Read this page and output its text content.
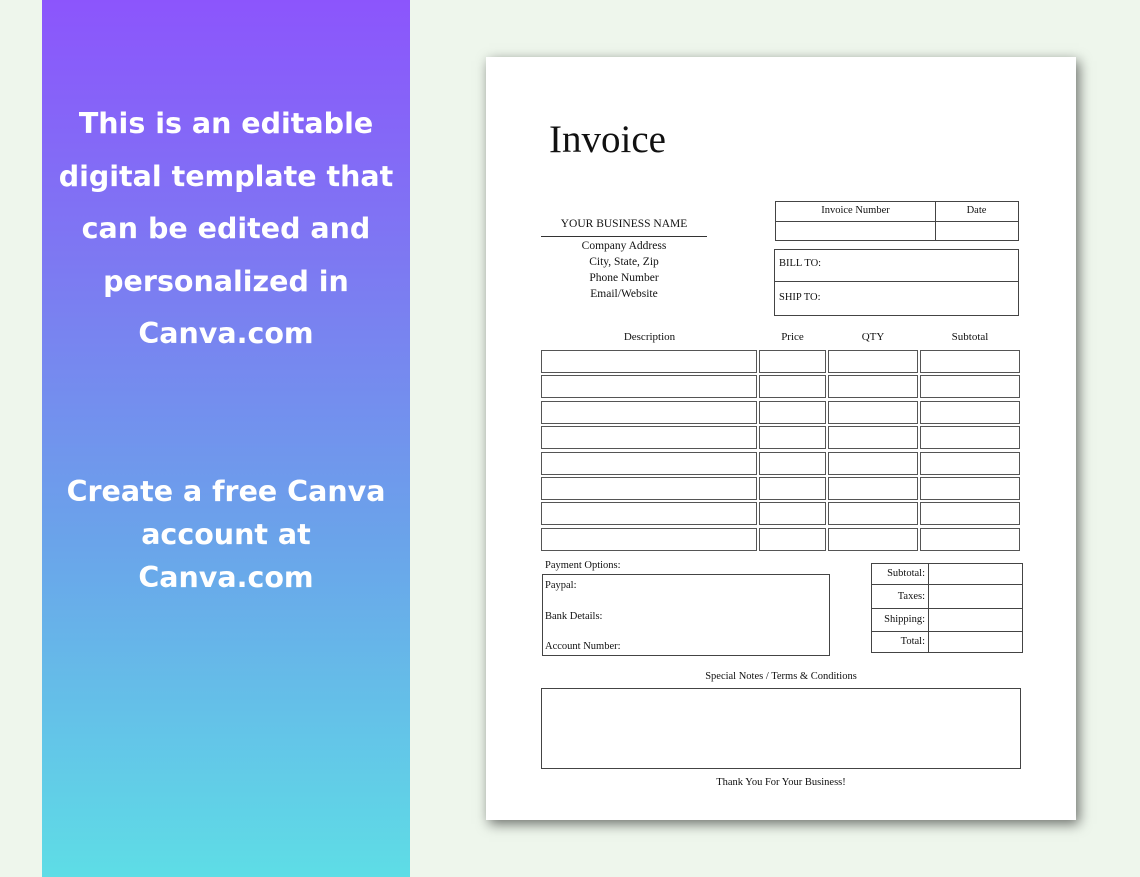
This is an editable
digital template that
can be edited and
personalized in
Canva.com
Create a free Canva
account at
Canva.com
Invoice
YOUR BUSINESS NAME
Company Address
City, State, Zip
Phone Number
Email/Website
Invoice Number	Date
BILL TO:
SHIP TO:
Description	Price	QTY	Subtotal
Payment Options:
Paypal:
Bank Details:
Account Number:
Subtotal:
Taxes:
Shipping:
Total:
Special Notes / Terms & Conditions
Thank You For Your Business!
